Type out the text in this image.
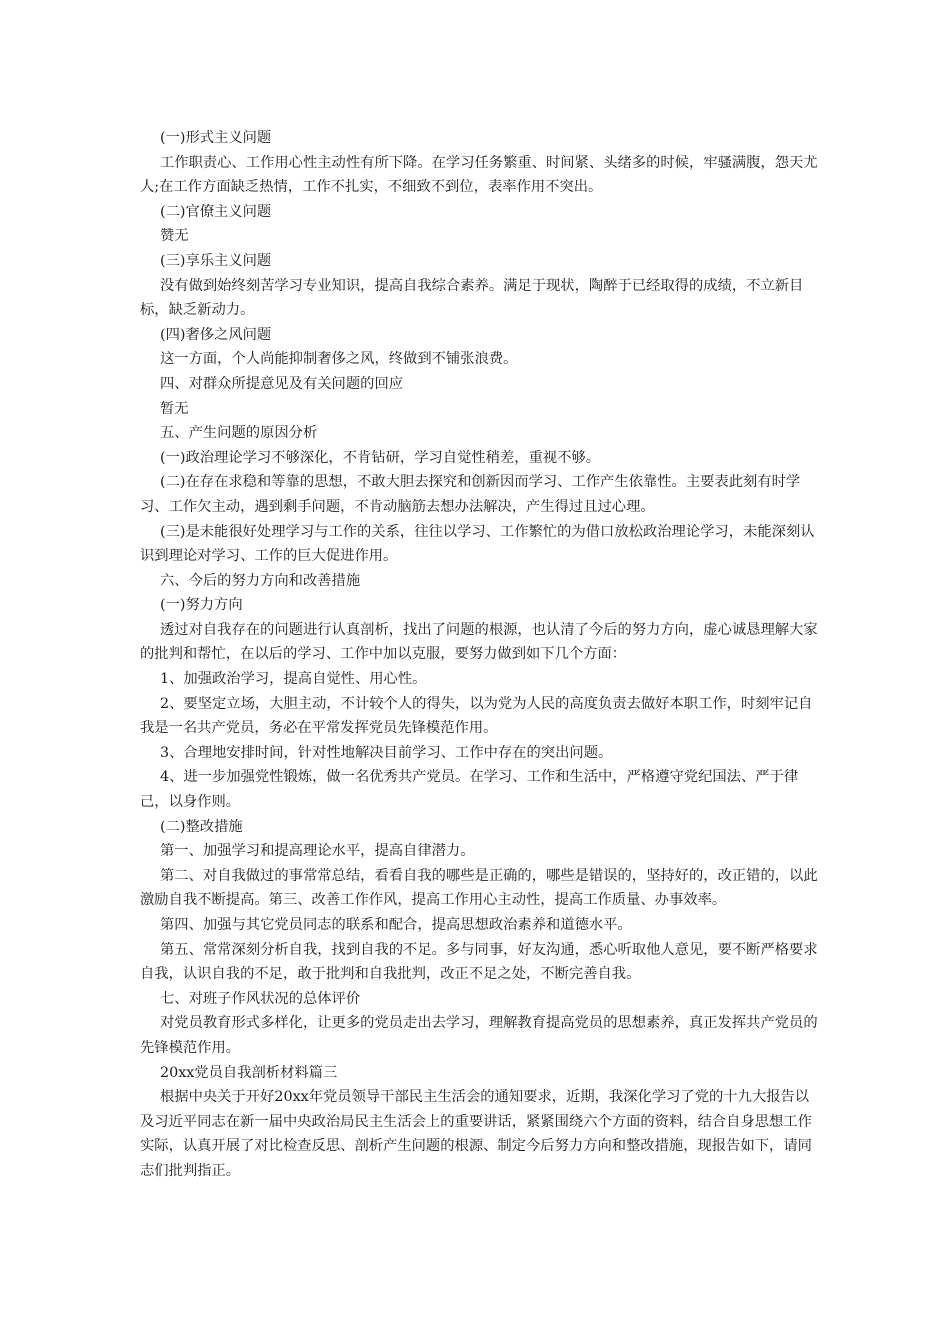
(一)形式主义问题

工作职责心、工作用心性主动性有所下降。在学习任务繁重、时间紧、头绪多的时候，牢骚满腹，怨天尤人;在工作方面缺乏热情，工作不扎实，不细致不到位，表率作用不突出。

(二)官僚主义问题

赞无

(三)享乐主义问题

没有做到始终刻苦学习专业知识，提高自我综合素养。满足于现状，陶醉于已经取得的成绩，不立新目标，缺乏新动力。

(四)奢侈之风问题

这一方面，个人尚能抑制奢侈之风，终做到不铺张浪费。

四、对群众所提意见及有关问题的回应

暂无

五、产生问题的原因分析

(一)政治理论学习不够深化，不肯钻研，学习自觉性稍差，重视不够。

(二)在存在求稳和等靠的思想，不敢大胆去探究和创新因而学习、工作产生依靠性。主要表此刻有时学习、工作欠主动，遇到剩手问题，不肯动脑筋去想办法解决，产生得过且过心理。

(三)是未能很好处理学习与工作的关系，往往以学习、工作繁忙的为借口放松政治理论学习，未能深刻认识到理论对学习、工作的巨大促进作用。

六、今后的努力方向和改善措施

(一)努力方向

透过对自我存在的问题进行认真剖析，找出了问题的根源，也认清了今后的努力方向，虚心诚恳理解大家的批判和帮忙，在以后的学习、工作中加以克服，要努力做到如下几个方面：

1、加强政治学习，提高自觉性、用心性。

2、要坚定立场，大胆主动，不计较个人的得失，以为党为人民的高度负责去做好本职工作，时刻牢记自我是一名共产党员，务必在平常发挥党员先锋模范作用。

3、合理地安排时间，针对性地解决目前学习、工作中存在的突出问题。

4、进一步加强党性锻炼，做一名优秀共产党员。在学习、工作和生活中，严格遵守党纪国法、严于律己，以身作则。

(二)整改措施

第一、加强学习和提高理论水平，提高自律潜力。

第二、对自我做过的事常常总结，看看自我的哪些是正确的，哪些是错误的，坚持好的，改正错的，以此激励自我不断提高。第三、改善工作作风，提高工作用心主动性，提高工作质量、办事效率。

第四、加强与其它党员同志的联系和配合，提高思想政治素养和道德水平。

第五、常常深刻分析自我，找到自我的不足。多与同事，好友沟通，悉心听取他人意见，要不断严格要求自我，认识自我的不足，敢于批判和自我批判，改正不足之处，不断完善自我。

七、对班子作风状况的总体评价

对党员教育形式多样化，让更多的党员走出去学习，理解教育提高党员的思想素养，真正发挥共产党员的先锋模范作用。

20xx党员自我剖析材料篇三

根据中央关于开好20xx年党员领导干部民主生活会的通知要求，近期，我深化学习了党的十九大报告以及习近平同志在新一届中央政治局民主生活会上的重要讲话，紧紧围绕六个方面的资料，结合自身思想工作实际，认真开展了对比检查反思、剖析产生问题的根源、制定今后努力方向和整改措施，现报告如下，请同志们批判指正。
